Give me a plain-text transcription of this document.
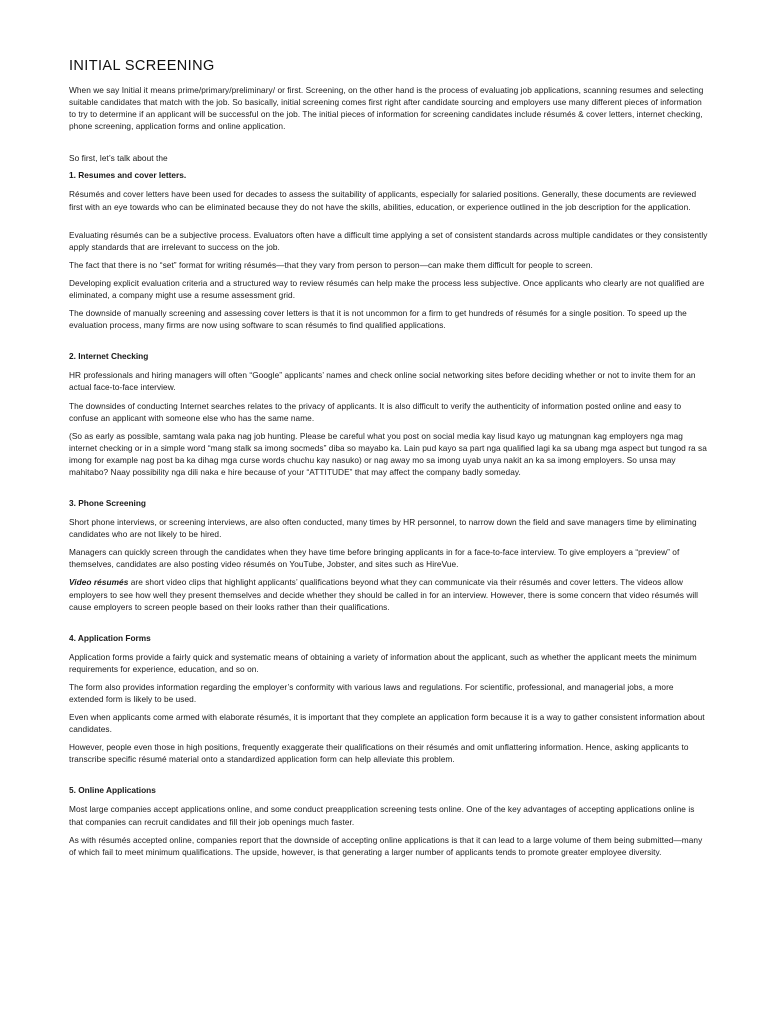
INITIAL SCREENING

When we say Initial it means prime/primary/preliminary/ or first. Screening, on the other hand is the process of evaluating job applications, scanning resumes and selecting suitable candidates that match with the job. So basically, initial screening comes first right after candidate sourcing and employers use many different pieces of information to try to determine if an applicant will be successful on the job. The initial pieces of information for screening candidates include résumés & cover letters, internet checking, phone screening, application forms and online application.

So first, let’s talk about the

1. Resumes and cover letters.

Résumés and cover letters have been used for decades to assess the suitability of applicants, especially for salaried positions. Generally, these documents are reviewed first with an eye towards who can be eliminated because they do not have the skills, abilities, education, or experience outlined in the job description for the application.

Evaluating résumés can be a subjective process. Evaluators often have a difficult time applying a set of consistent standards across multiple candidates or they consistently apply standards that are irrelevant to success on the job.

The fact that there is no “set” format for writing résumés—that they vary from person to person—can make them difficult for people to screen.

Developing explicit evaluation criteria and a structured way to review résumés can help make the process less subjective. Once applicants who clearly are not qualified are eliminated, a company might use a resume assessment grid.

The downside of manually screening and assessing cover letters is that it is not uncommon for a firm to get hundreds of résumés for a single position. To speed up the evaluation process, many firms are now using software to scan résumés to find qualified applications.

2. Internet Checking

HR professionals and hiring managers will often “Google” applicants’ names and check online social networking sites before deciding whether or not to invite them for an actual face-to-face interview.

The downsides of conducting Internet searches relates to the privacy of applicants. It is also difficult to verify the authenticity of information posted online and easy to confuse an applicant with someone else who has the same name.

(So as early as possible, samtang wala paka nag job hunting. Please be careful what you post on social media kay lisud kayo ug matungnan kag employers nga mag internet checking or in a simple word “mang stalk sa imong socmeds” diba so mayabo ka. Lain pud kayo sa part nga qualified lagi ka sa ubang mga aspect but tungod ra sa imong for example nag post ba ka dihag mga curse words chuchu kay nasuko) or nag away mo sa imong uyab unya nakit an ka sa imong employers. So unsa may mahitabo? Naay possibility nga dili naka e hire because of your “ATTITUDE” that may affect the company badly someday.

3. Phone Screening

Short phone interviews, or screening interviews, are also often conducted, many times by HR personnel, to narrow down the field and save managers time by eliminating candidates who are not likely to be hired.

Managers can quickly screen through the candidates when they have time before bringing applicants in for a face-to-face interview. To give employers a “preview” of themselves, candidates are also posting video résumés on YouTube, Jobster, and sites such as HireVue.

Video résumés are short video clips that highlight applicants’ qualifications beyond what they can communicate via their résumés and cover letters. The videos allow employers to see how well they present themselves and decide whether they should be called in for an interview. However, there is some concern that video résumés will cause employers to screen people based on their looks rather than their qualifications.

4. Application Forms

Application forms provide a fairly quick and systematic means of obtaining a variety of information about the applicant, such as whether the applicant meets the minimum requirements for experience, education, and so on.

The form also provides information regarding the employer’s conformity with various laws and regulations. For scientific, professional, and managerial jobs, a more extended form is likely to be used.

Even when applicants come armed with elaborate résumés, it is important that they complete an application form because it is a way to gather consistent information about candidates.

However, people even those in high positions, frequently exaggerate their qualifications on their résumés and omit unflattering information. Hence, asking applicants to transcribe specific résumé material onto a standardized application form can help alleviate this problem.

5. Online Applications

Most large companies accept applications online, and some conduct preapplication screening tests online. One of the key advantages of accepting applications online is that companies can recruit candidates and fill their job openings much faster.

As with résumés accepted online, companies report that the downside of accepting online applications is that it can lead to a large volume of them being submitted—many of which fail to meet minimum qualifications. The upside, however, is that generating a larger number of applicants tends to promote greater employee diversity.
